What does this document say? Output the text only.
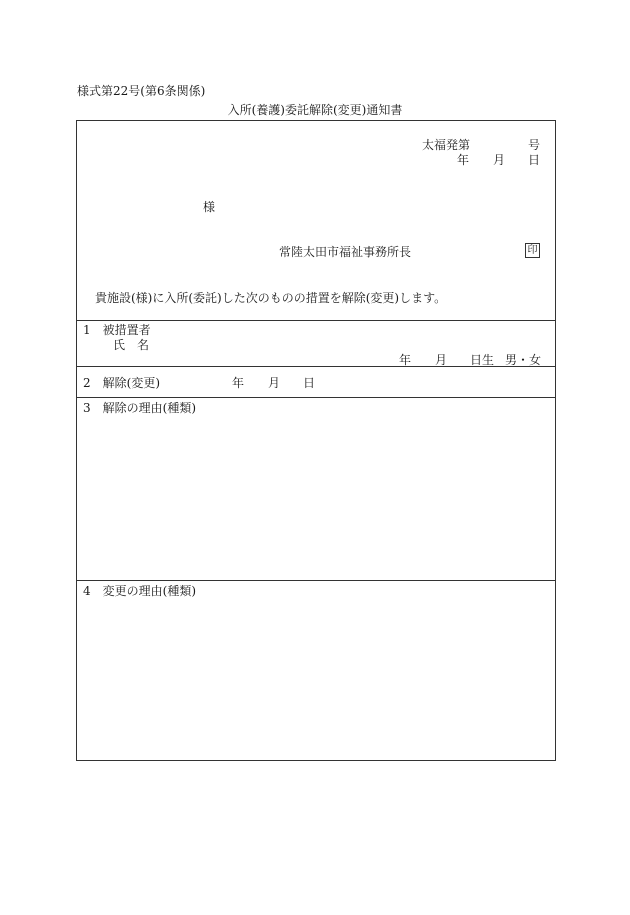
様式第22号(第6条関係)
入所(養護)委託解除(変更)通知書
太福発第	号
年 月 日
様
常陸太田市福祉事務所長	印
貴施設(様)に入所(委託)した次のものの措置を解除(変更)します。
1　被措置者
氏　名
年 月 日生 男・女
2　解除(変更)	年 月 日
3　解除の理由(種類)
4　変更の理由(種類)
